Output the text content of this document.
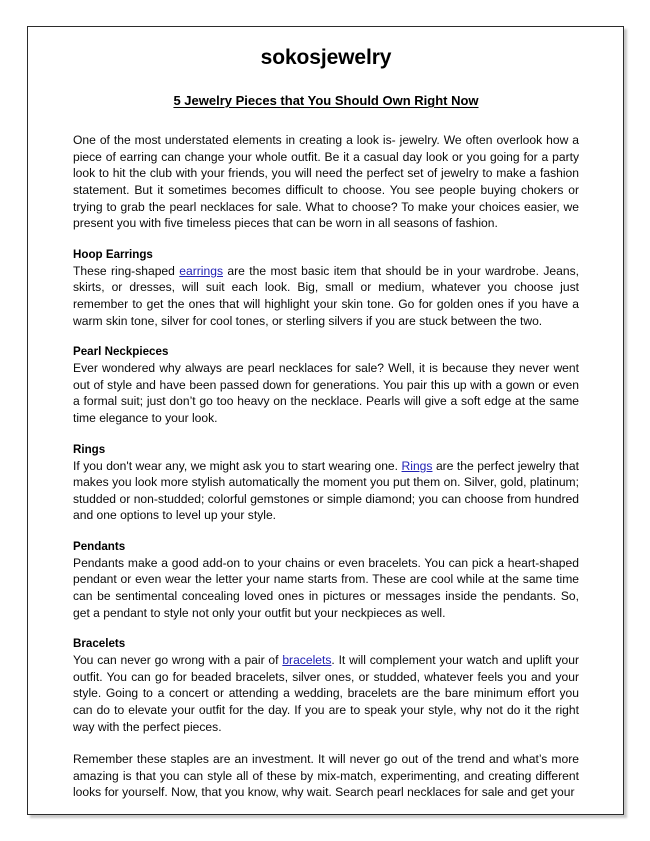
sokosjewelry
5 Jewelry Pieces that You Should Own Right Now

One of the most understated elements in creating a look is- jewelry. We often overlook how a piece of earring can change your whole outfit. Be it a casual day look or you going for a party look to hit the club with your friends, you will need the perfect set of jewelry to make a fashion statement. But it sometimes becomes difficult to choose. You see people buying chokers or trying to grab the pearl necklaces for sale. What to choose? To make your choices easier, we present you with five timeless pieces that can be worn in all seasons of fashion.

Hoop Earrings

These ring-shaped earrings are the most basic item that should be in your wardrobe. Jeans, skirts, or dresses, will suit each look. Big, small or medium, whatever you choose just remember to get the ones that will highlight your skin tone. Go for golden ones if you have a warm skin tone, silver for cool tones, or sterling silvers if you are stuck between the two.

Pearl Neckpieces

Ever wondered why always are pearl necklaces for sale? Well, it is because they never went out of style and have been passed down for generations. You pair this up with a gown or even a formal suit; just don’t go too heavy on the necklace. Pearls will give a soft edge at the same time elegance to your look.

Rings

If you don't wear any, we might ask you to start wearing one. Rings are the perfect jewelry that makes you look more stylish automatically the moment you put them on. Silver, gold, platinum; studded or non-studded; colorful gemstones or simple diamond; you can choose from hundred and one options to level up your style.

Pendants

Pendants make a good add-on to your chains or even bracelets. You can pick a heart-shaped pendant or even wear the letter your name starts from. These are cool while at the same time can be sentimental concealing loved ones in pictures or messages inside the pendants. So, get a pendant to style not only your outfit but your neckpieces as well.

Bracelets

You can never go wrong with a pair of bracelets. It will complement your watch and uplift your outfit. You can go for beaded bracelets, silver ones, or studded, whatever feels you and your style. Going to a concert or attending a wedding, bracelets are the bare minimum effort you can do to elevate your outfit for the day. If you are to speak your style, why not do it the right way with the perfect pieces.

Remember these staples are an investment. It will never go out of the trend and what’s more amazing is that you can style all of these by mix-match, experimenting, and creating different looks for yourself. Now, that you know, why wait. Search pearl necklaces for sale and get your
